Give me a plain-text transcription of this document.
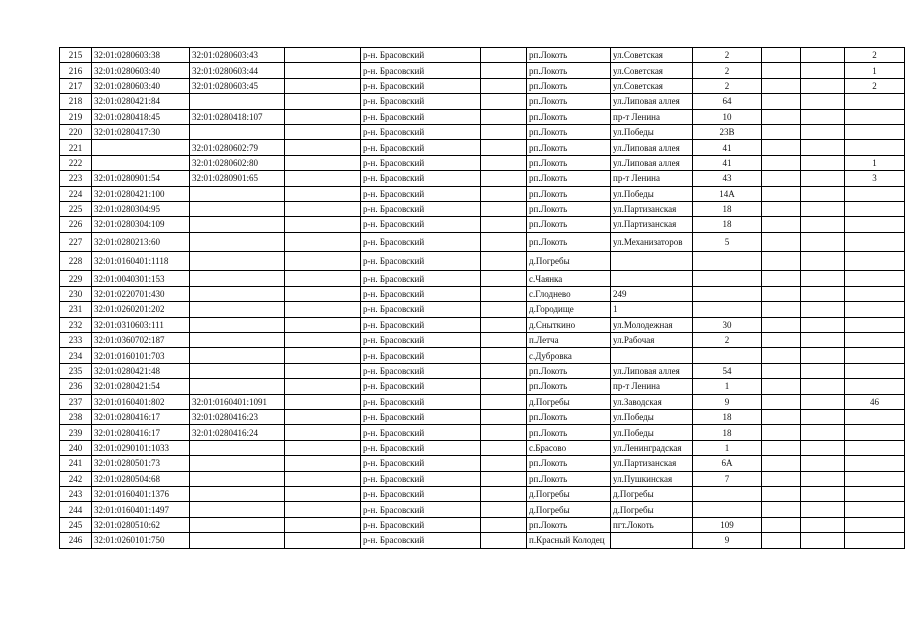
215	32:01:0280603:38	32:01:0280603:43		р-н. Брасовский		рп.Локоть	ул.Советская	2			2
216	32:01:0280603:40	32:01:0280603:44		р-н. Брасовский		рп.Локоть	ул.Советская	2			1
217	32:01:0280603:40	32:01:0280603:45		р-н. Брасовский		рп.Локоть	ул.Советская	2			2
218	32:01:0280421:84			р-н. Брасовский		рп.Локоть	ул.Липовая аллея	64			
219	32:01:0280418:45	32:01:0280418:107		р-н. Брасовский		рп.Локоть	пр-т Ленина	10			
220	32:01:0280417:30			р-н. Брасовский		рп.Локоть	ул.Победы	23В			
221		32:01:0280602:79		р-н. Брасовский		рп.Локоть	ул.Липовая аллея	41			
222		32:01:0280602:80		р-н. Брасовский		рп.Локоть	ул.Липовая аллея	41			1
223	32:01:0280901:54	32:01:0280901:65		р-н. Брасовский		рп.Локоть	пр-т Ленина	43			3
224	32:01:0280421:100			р-н. Брасовский		рп.Локоть	ул.Победы	14А			
225	32:01:0280304:95			р-н. Брасовский		рп.Локоть	ул.Партизанская	18			
226	32:01:0280304:109			р-н. Брасовский		рп.Локоть	ул.Партизанская	18			
227	32:01:0280213:60			р-н. Брасовский		рп.Локоть	ул.Механизаторов	5			
228	32:01:0160401:1118			р-н. Брасовский		д.Погребы					
229	32:01:0040301:153			р-н. Брасовский		с.Чаянка					
230	32:01:0220701:430			р-н. Брасовский		с.Глодневo	249				
231	32:01:0260201:202			р-н. Брасовский		д.Городище	1				
232	32:01:0310603:111			р-н. Брасовский		д.Сныткино	ул.Молодежная	30			
233	32:01:0360702:187			р-н. Брасовский		п.Летча	ул.Рабочая	2			
234	32:01:0160101:703			р-н. Брасовский		с.Дубровка					
235	32:01:0280421:48			р-н. Брасовский		рп.Локоть	ул.Липовая аллея	54			
236	32:01:0280421:54			р-н. Брасовский		рп.Локоть	пр-т Ленина	1			
237	32:01:0160401:802	32:01:0160401:1091		р-н. Брасовский		д.Погребы	ул.Заводская	9			46
238	32:01:0280416:17	32:01:0280416:23		р-н. Брасовский		рп.Локоть	ул.Победы	18			
239	32:01:0280416:17	32:01:0280416:24		р-н. Брасовский		рп.Локоть	ул.Победы	18			
240	32:01:0290101:1033			р-н. Брасовский		с.Брасово	ул.Ленинградская	1			
241	32:01:0280501:73			р-н. Брасовский		рп.Локоть	ул.Партизанская	6А			
242	32:01:0280504:68			р-н. Брасовский		рп.Локоть	ул.Пушкинская	7			
243	32:01:0160401:1376			р-н. Брасовский		д.Погребы	д.Погребы				
244	32:01:0160401:1497			р-н. Брасовский		д.Погребы	д.Погребы				
245	32:01:0280510:62			р-н. Брасовский		рп.Локоть	пгт.Локоть	109			
246	32:01:0260101:750			р-н. Брасовский		п.Красный Колодец		9			
